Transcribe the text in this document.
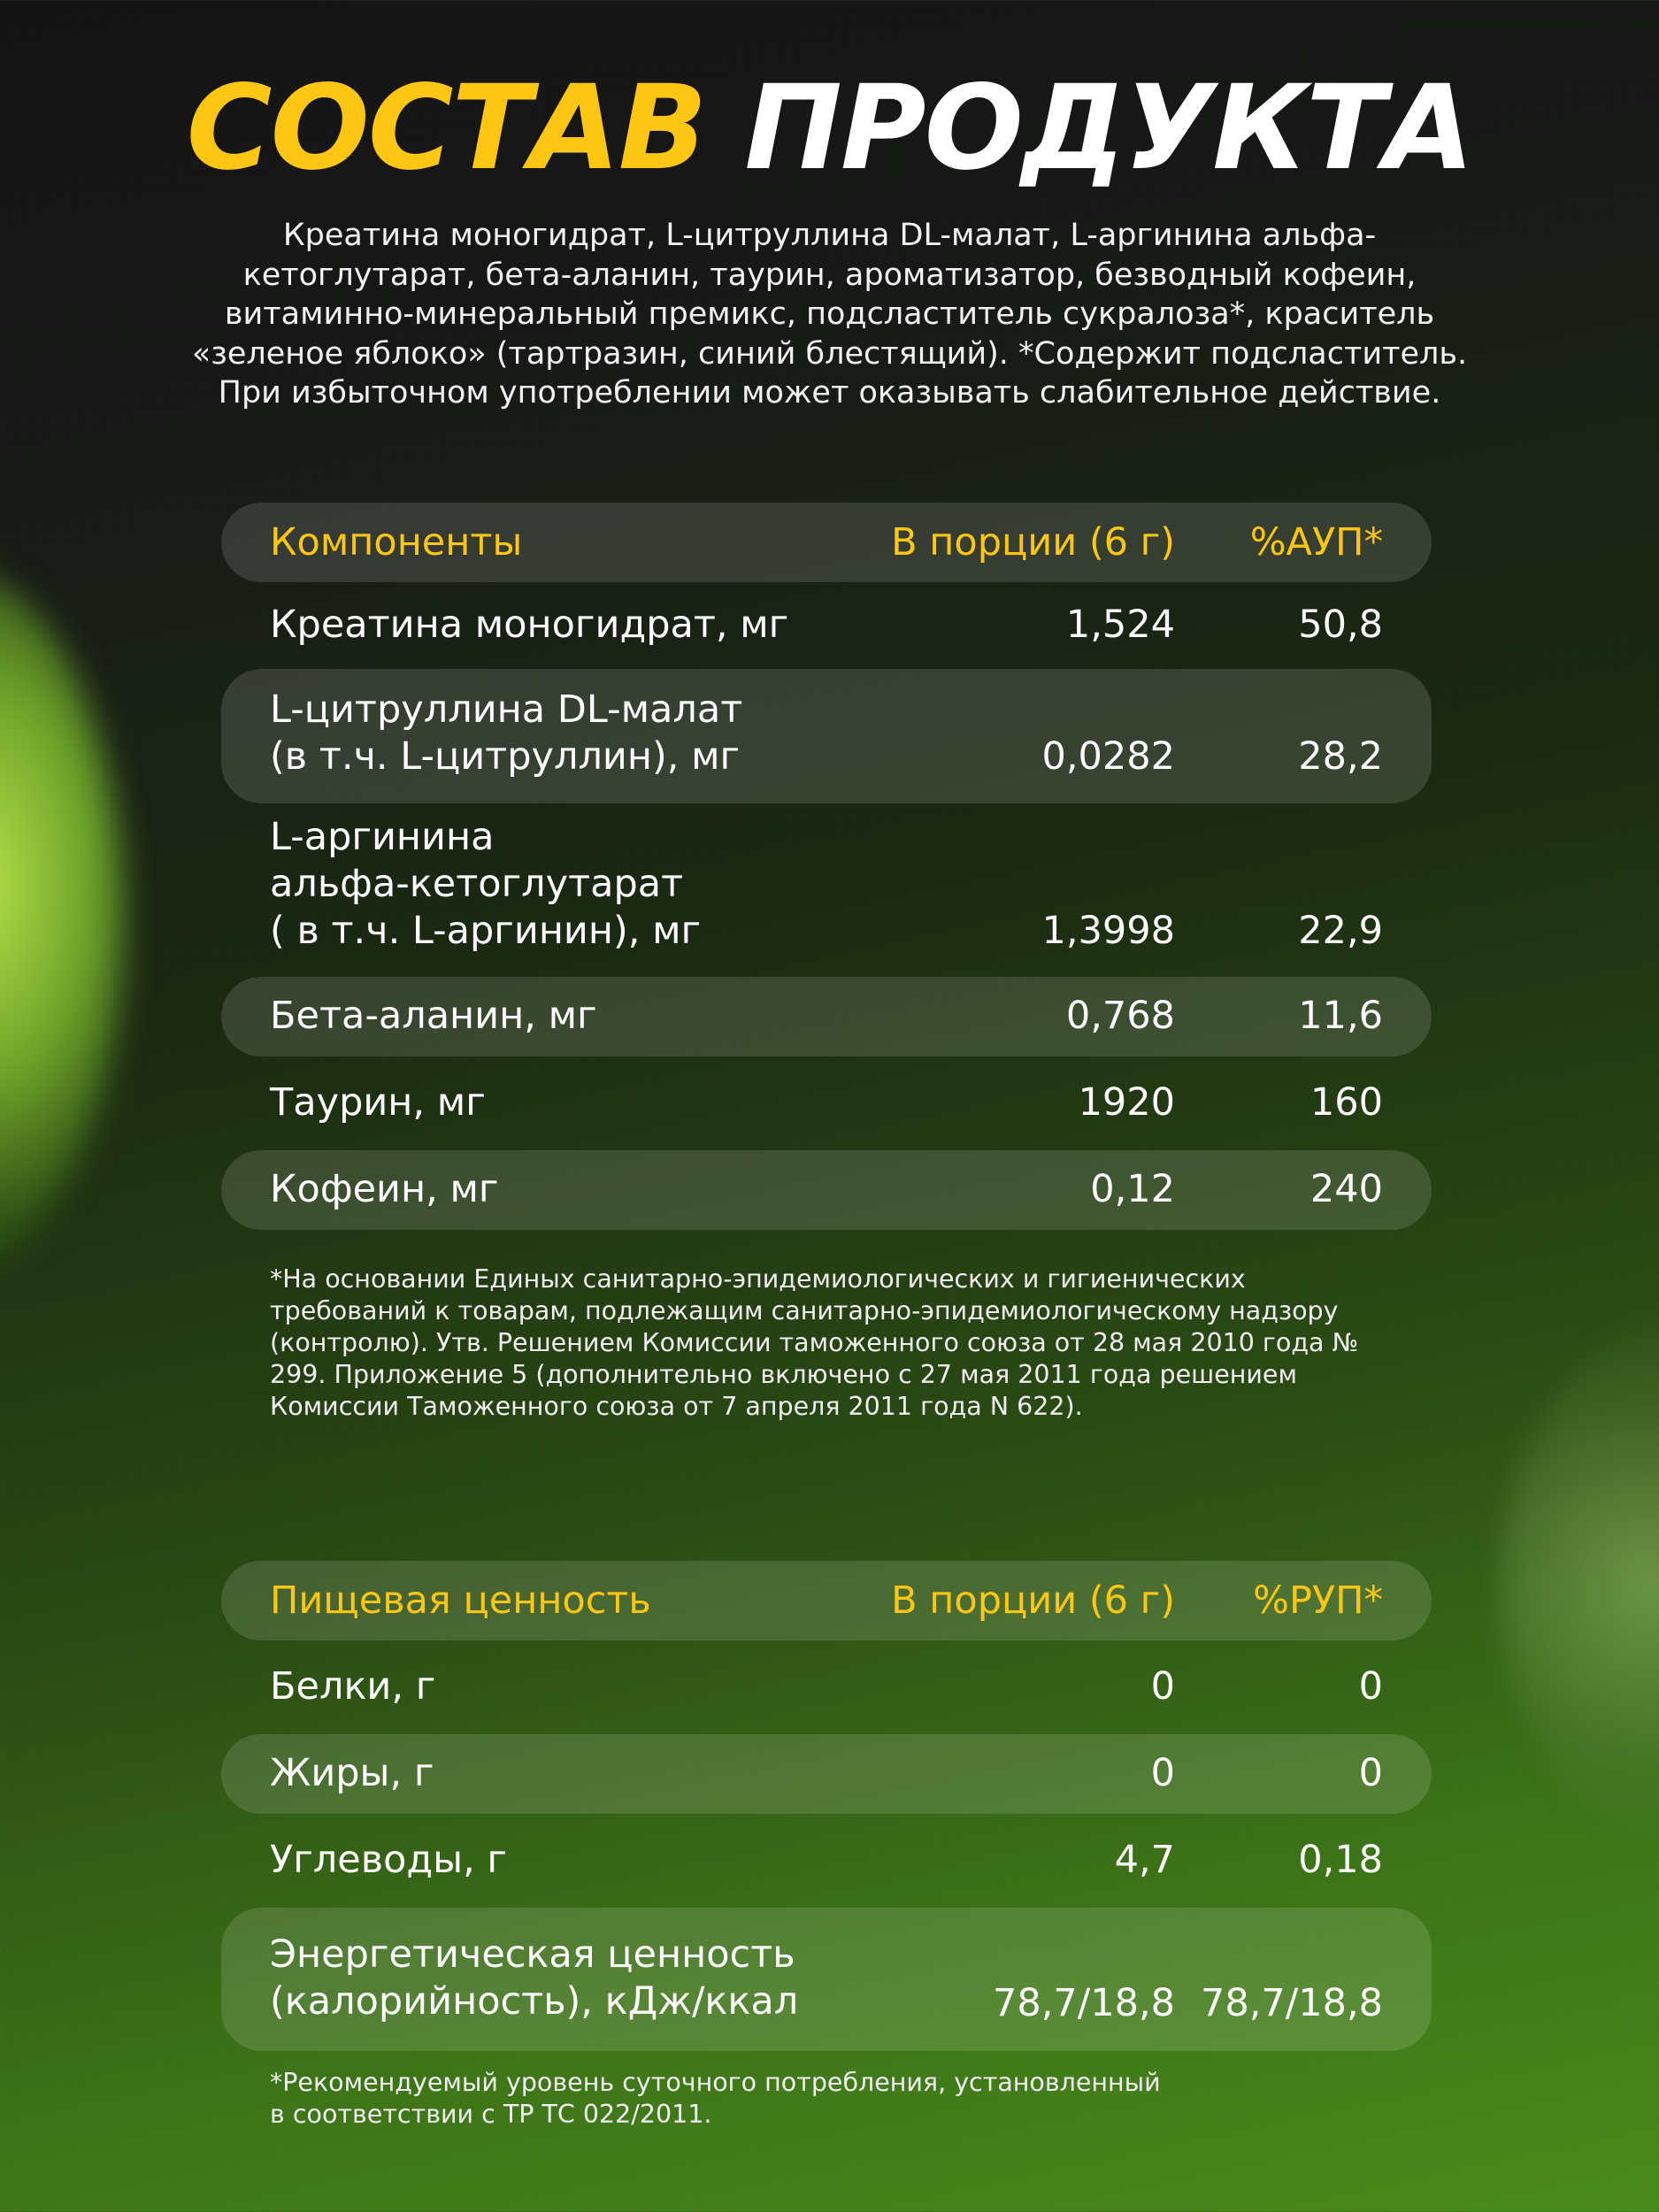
СОСТАВ ПРОДУКТА

Креатина моногидрат, L-цитруллина DL-малат, L-аргинина альфа-кетоглутарат, бета-аланин, таурин, ароматизатор, безводный кофеин, витаминно-минеральный премикс, подсластитель сукралоза*, краситель «зеленое яблоко» (тартразин, синий блестящий). *Содержит подсластитель. При избыточном употреблении может оказывать слабительное действие.

Компоненты	В порции (6 г) %АУП*
Креатина моногидрат, мг	1,524	50,8
L-цитруллина DL-малат
(в т.ч. L-цитруллин), мг	0,0282	28,2
L-аргинина
альфа-кетоглутарат
( в т.ч. L-аргинин), мг	1,3998	22,9
Бета-аланин, мг	0,768	11,6
Таурин, мг	1920	160
Кофеин, мг	0,12	240

*На основании Единых санитарно-эпидемиологических и гигиенических
требований к товарам, подлежащим санитарно-эпидемиологическому надзору
(контролю). Утв. Решением Комиссии таможенного союза от 28 мая 2010 года №
299. Приложение 5 (дополнительно включено с 27 мая 2011 года решением
Комиссии Таможенного союза от 7 апреля 2011 года N 622).

Пищевая ценность	В порции (6 г) %РУП*
Белки, г	0	0
Жиры, г	0	0
Углеводы, г	4,7	0,18
Энергетическая ценность
(калорийность), кДж/ккал	78,7/18,8 78,7/18,8

*Рекомендуемый уровень суточного потребления, установленный
в соответствии с ТР ТС 022/2011.
